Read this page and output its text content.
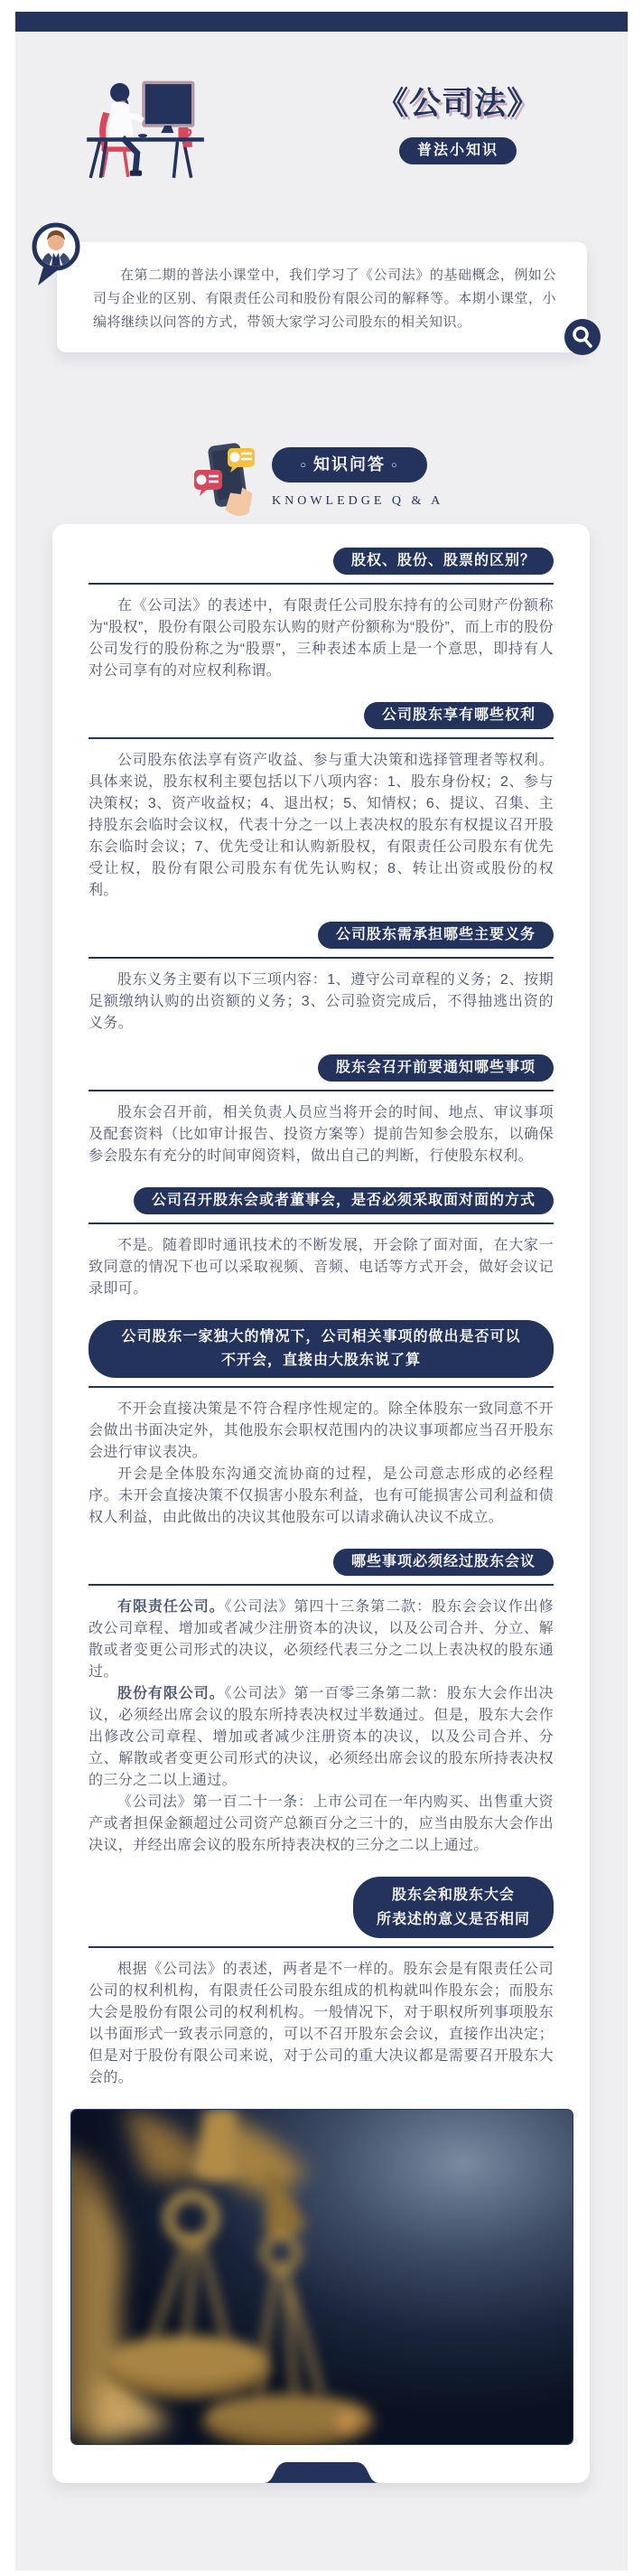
《公司法》
普法小知识

在第二期的普法小课堂中，我们学习了《公司法》的基础概念，例如公司与企业的区别、有限责任公司和股份有限公司的解释等。本期小课堂，小编将继续以问答的方式，带领大家学习公司股东的相关知识。

○ 知识问答 ○
KNOWLEDGE Q & A
股权、股份、股票的区别？

在《公司法》的表述中，有限责任公司股东持有的公司财产份额称为“股权”，股份有限公司股东认购的财产份额称为“股份”，而上市的股份公司发行的股份称之为“股票”，三种表述本质上是一个意思，即持有人对公司享有的对应权利称谓。

公司股东享有哪些权利

公司股东依法享有资产收益、参与重大决策和选择管理者等权利。具体来说，股东权利主要包括以下八项内容：1、股东身份权；2、参与决策权；3、资产收益权；4、退出权；5、知情权；6、提议、召集、主持股东会临时会议权，代表十分之一以上表决权的股东有权提议召开股东会临时会议；7、优先受让和认购新股权，有限责任公司股东有优先受让权，股份有限公司股东有优先认购权；8、转让出资或股份的权利。

公司股东需承担哪些主要义务

股东义务主要有以下三项内容：1、遵守公司章程的义务；2、按期足额缴纳认购的出资额的义务；3、公司验资完成后，不得抽逃出资的义务。

股东会召开前要通知哪些事项

股东会召开前，相关负责人员应当将开会的时间、地点、审议事项及配套资料（比如审计报告、投资方案等）提前告知参会股东，以确保参会股东有充分的时间审阅资料，做出自己的判断，行使股东权利。

公司召开股东会或者董事会，是否必须采取面对面的方式

不是。随着即时通讯技术的不断发展，开会除了面对面，在大家一致同意的情况下也可以采取视频、音频、电话等方式开会，做好会议记录即可。

公司股东一家独大的情况下，公司相关事项的做出是否可以不开会，直接由大股东说了算

不开会直接决策是不符合程序性规定的。除全体股东一致同意不开会做出书面决定外，其他股东会职权范围内的决议事项都应当召开股东会进行审议表决。

开会是全体股东沟通交流协商的过程，是公司意志形成的必经程序。未开会直接决策不仅损害小股东利益，也有可能损害公司利益和债权人利益，由此做出的决议其他股东可以请求确认决议不成立。

哪些事项必须经过股东会议

有限责任公司。《公司法》第四十三条第二款：股东会会议作出修改公司章程、增加或者减少注册资本的决议，以及公司合并、分立、解散或者变更公司形式的决议，必须经代表三分之二以上表决权的股东通过。

股份有限公司。《公司法》第一百零三条第二款：股东大会作出决议，必须经出席会议的股东所持表决权过半数通过。但是，股东大会作出修改公司章程、增加或者减少注册资本的决议，以及公司合并、分立、解散或者变更公司形式的决议，必须经出席会议的股东所持表决权的三分之二以上通过。

《公司法》第一百二十一条：上市公司在一年内购买、出售重大资产或者担保金额超过公司资产总额百分之三十的，应当由股东大会作出决议，并经出席会议的股东所持表决权的三分之二以上通过。

股东会和股东大会
所表述的意义是否相同

根据《公司法》的表述，两者是不一样的。股东会是有限责任公司公司的权利机构，有限责任公司股东组成的机构就叫作股东会；而股东大会是股份有限公司的权利机构。一般情况下，对于职权所列事项股东以书面形式一致表示同意的，可以不召开股东会会议，直接作出决定；但是对于股份有限公司来说，对于公司的重大决议都是需要召开股东大会的。
